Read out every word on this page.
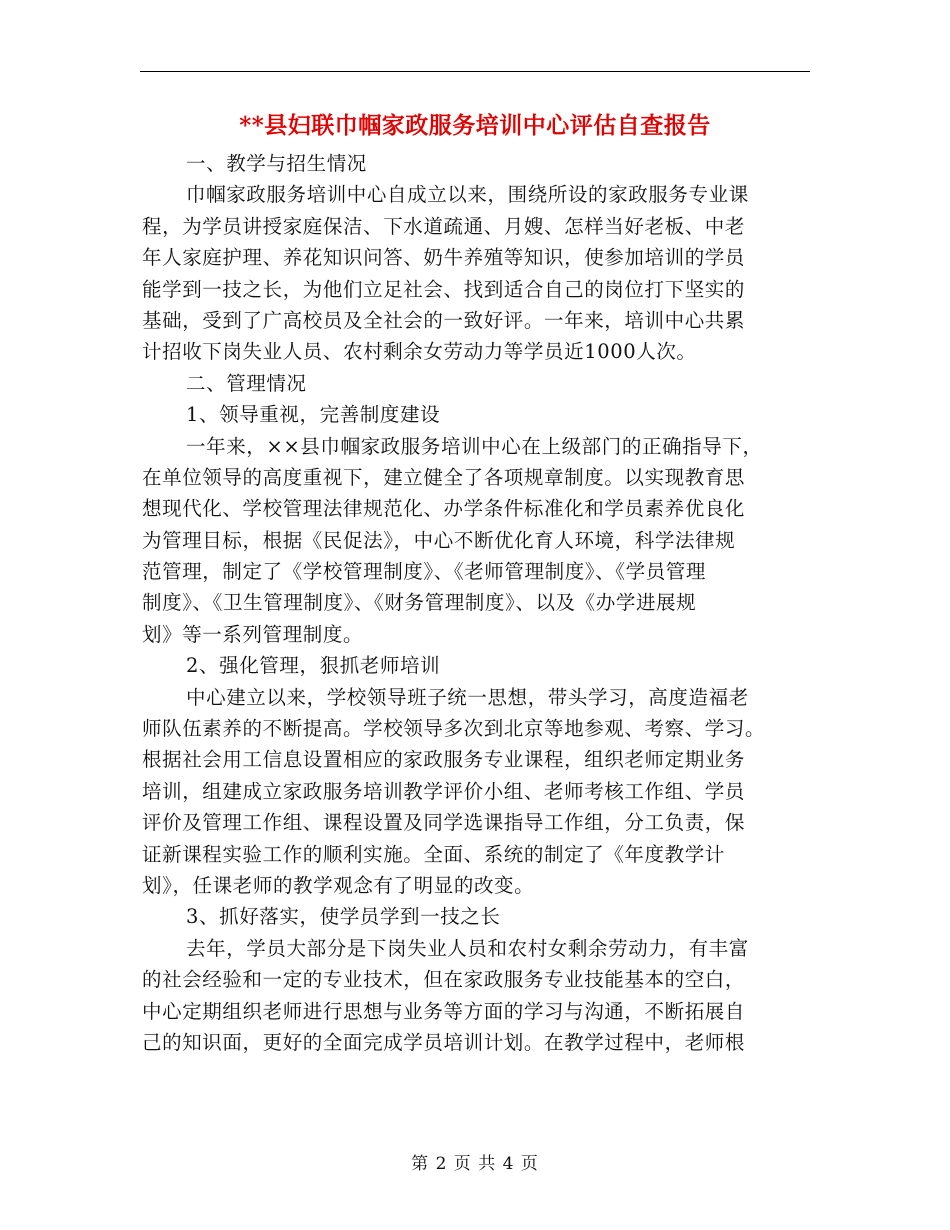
**县妇联巾帼家政服务培训中心评估自查报告
一、教学与招生情况
巾帼家政服务培训中心自成立以来，围绕所设的家政服务专业课
程，为学员讲授家庭保洁、下水道疏通、月嫂、怎样当好老板、中老
年人家庭护理、养花知识问答、奶牛养殖等知识，使参加培训的学员
能学到一技之长，为他们立足社会、找到适合自己的岗位打下坚实的
基础，受到了广高校员及全社会的一致好评。一年来，培训中心共累
计招收下岗失业人员、农村剩余女劳动力等学员近1000人次。
二、管理情况
1、领导重视，完善制度建设
一年来，××县巾帼家政服务培训中心在上级部门的正确指导下，
在单位领导的高度重视下，建立健全了各项规章制度。以实现教育思
想现代化、学校管理法律规范化、办学条件标准化和学员素养优良化
为管理目标，根据《民促法》，中心不断优化育人环境，科学法律规
范管理，制定了《学校管理制度》、《老师管理制度》、《学员管理
制度》、《卫生管理制度》、《财务管理制度》、以及《办学进展规
划》等一系列管理制度。
2、强化管理，狠抓老师培训
中心建立以来，学校领导班子统一思想，带头学习，高度造福老
师队伍素养的不断提高。学校领导多次到北京等地参观、考察、学习。
根据社会用工信息设置相应的家政服务专业课程，组织老师定期业务
培训，组建成立家政服务培训教学评价小组、老师考核工作组、学员
评价及管理工作组、课程设置及同学选课指导工作组，分工负责，保
证新课程实验工作的顺利实施。全面、系统的制定了《年度教学计
划》，任课老师的教学观念有了明显的改变。
3、抓好落实，使学员学到一技之长
去年，学员大部分是下岗失业人员和农村女剩余劳动力，有丰富
的社会经验和一定的专业技术，但在家政服务专业技能基本的空白，
中心定期组织老师进行思想与业务等方面的学习与沟通，不断拓展自
己的知识面，更好的全面完成学员培训计划。在教学过程中，老师根
第 2 页 共 4 页
